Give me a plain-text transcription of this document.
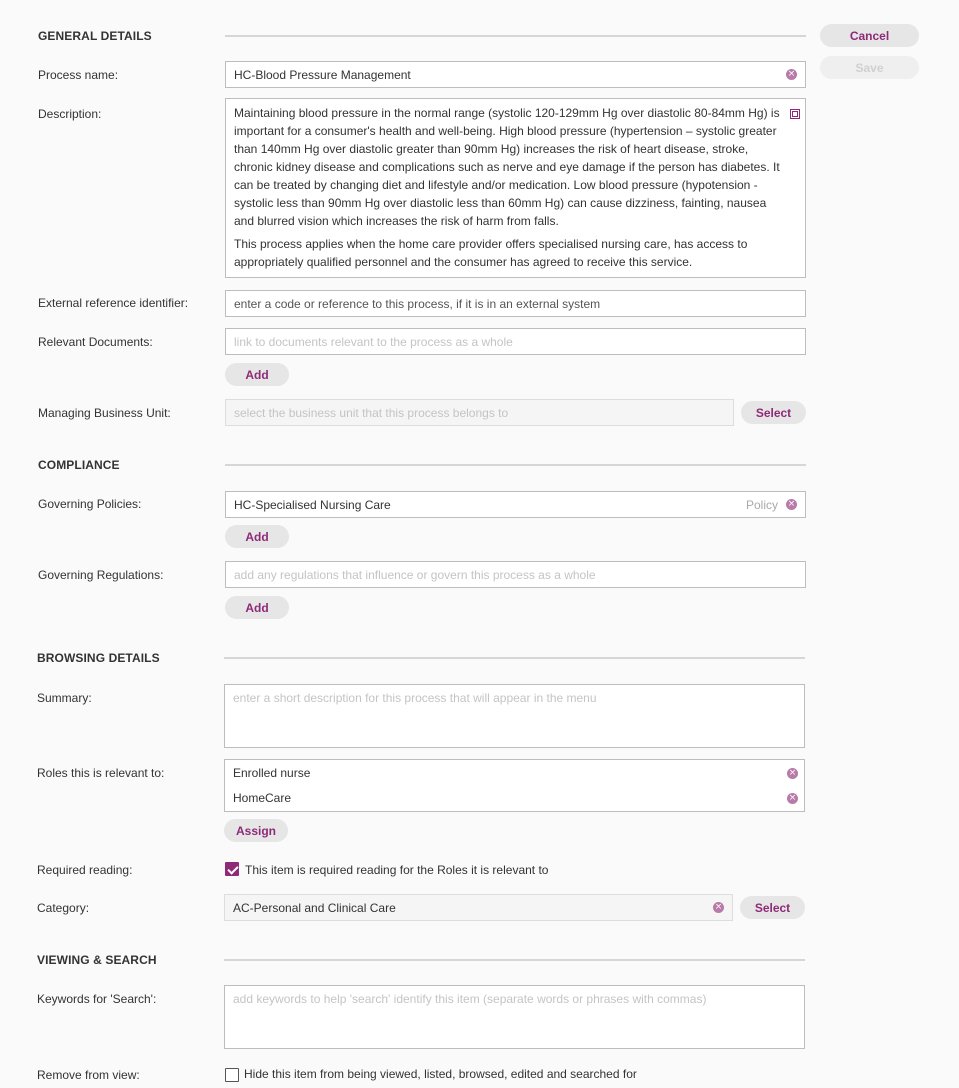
Cancel
Save
GENERAL DETAILS
Process name:	HC-Blood Pressure Management	×
Description:	Maintaining blood pressure in the normal range (systolic 120-129mm Hg over diastolic 80-84mm Hg) is important for a consumer's health and well-being. High blood pressure (hypertension – systolic greater than 140mm Hg over diastolic greater than 90mm Hg) increases the risk of heart disease, stroke, chronic kidney disease and complications such as nerve and eye damage if the person has diabetes. It can be treated by changing diet and lifestyle and/or medication. Low blood pressure (hypotension - systolic less than 90mm Hg over diastolic less than 60mm Hg) can cause dizziness, fainting, nausea and blurred vision which increases the risk of harm from falls.

This process applies when the home care provider offers specialised nursing care, has access to appropriately qualified personnel and the consumer has agreed to receive this service.

External reference identifier:	enter a code or reference to this process, if it is in an external system
Relevant Documents:	link to documents relevant to the process as a whole
Add
Managing Business Unit:	select the business unit that this process belongs to	Select
COMPLIANCE
Governing Policies:	HC-Specialised Nursing Care	Policy ×
Add
Governing Regulations:	add any regulations that influence or govern this process as a whole
Add
BROWSING DETAILS
Summary:	enter a short description for this process that will appear in the menu
Roles this is relevant to:	Enrolled nurse	×
HomeCare	×
Assign
Required reading:	This item is required reading for the Roles it is relevant to
Category:	AC-Personal and Clinical Care	×	Select
VIEWING & SEARCH
Keywords for 'Search':	add keywords to help 'search' identify this item (separate words or phrases with commas)
Remove from view:	Hide this item from being viewed, listed, browsed, edited and searched for
